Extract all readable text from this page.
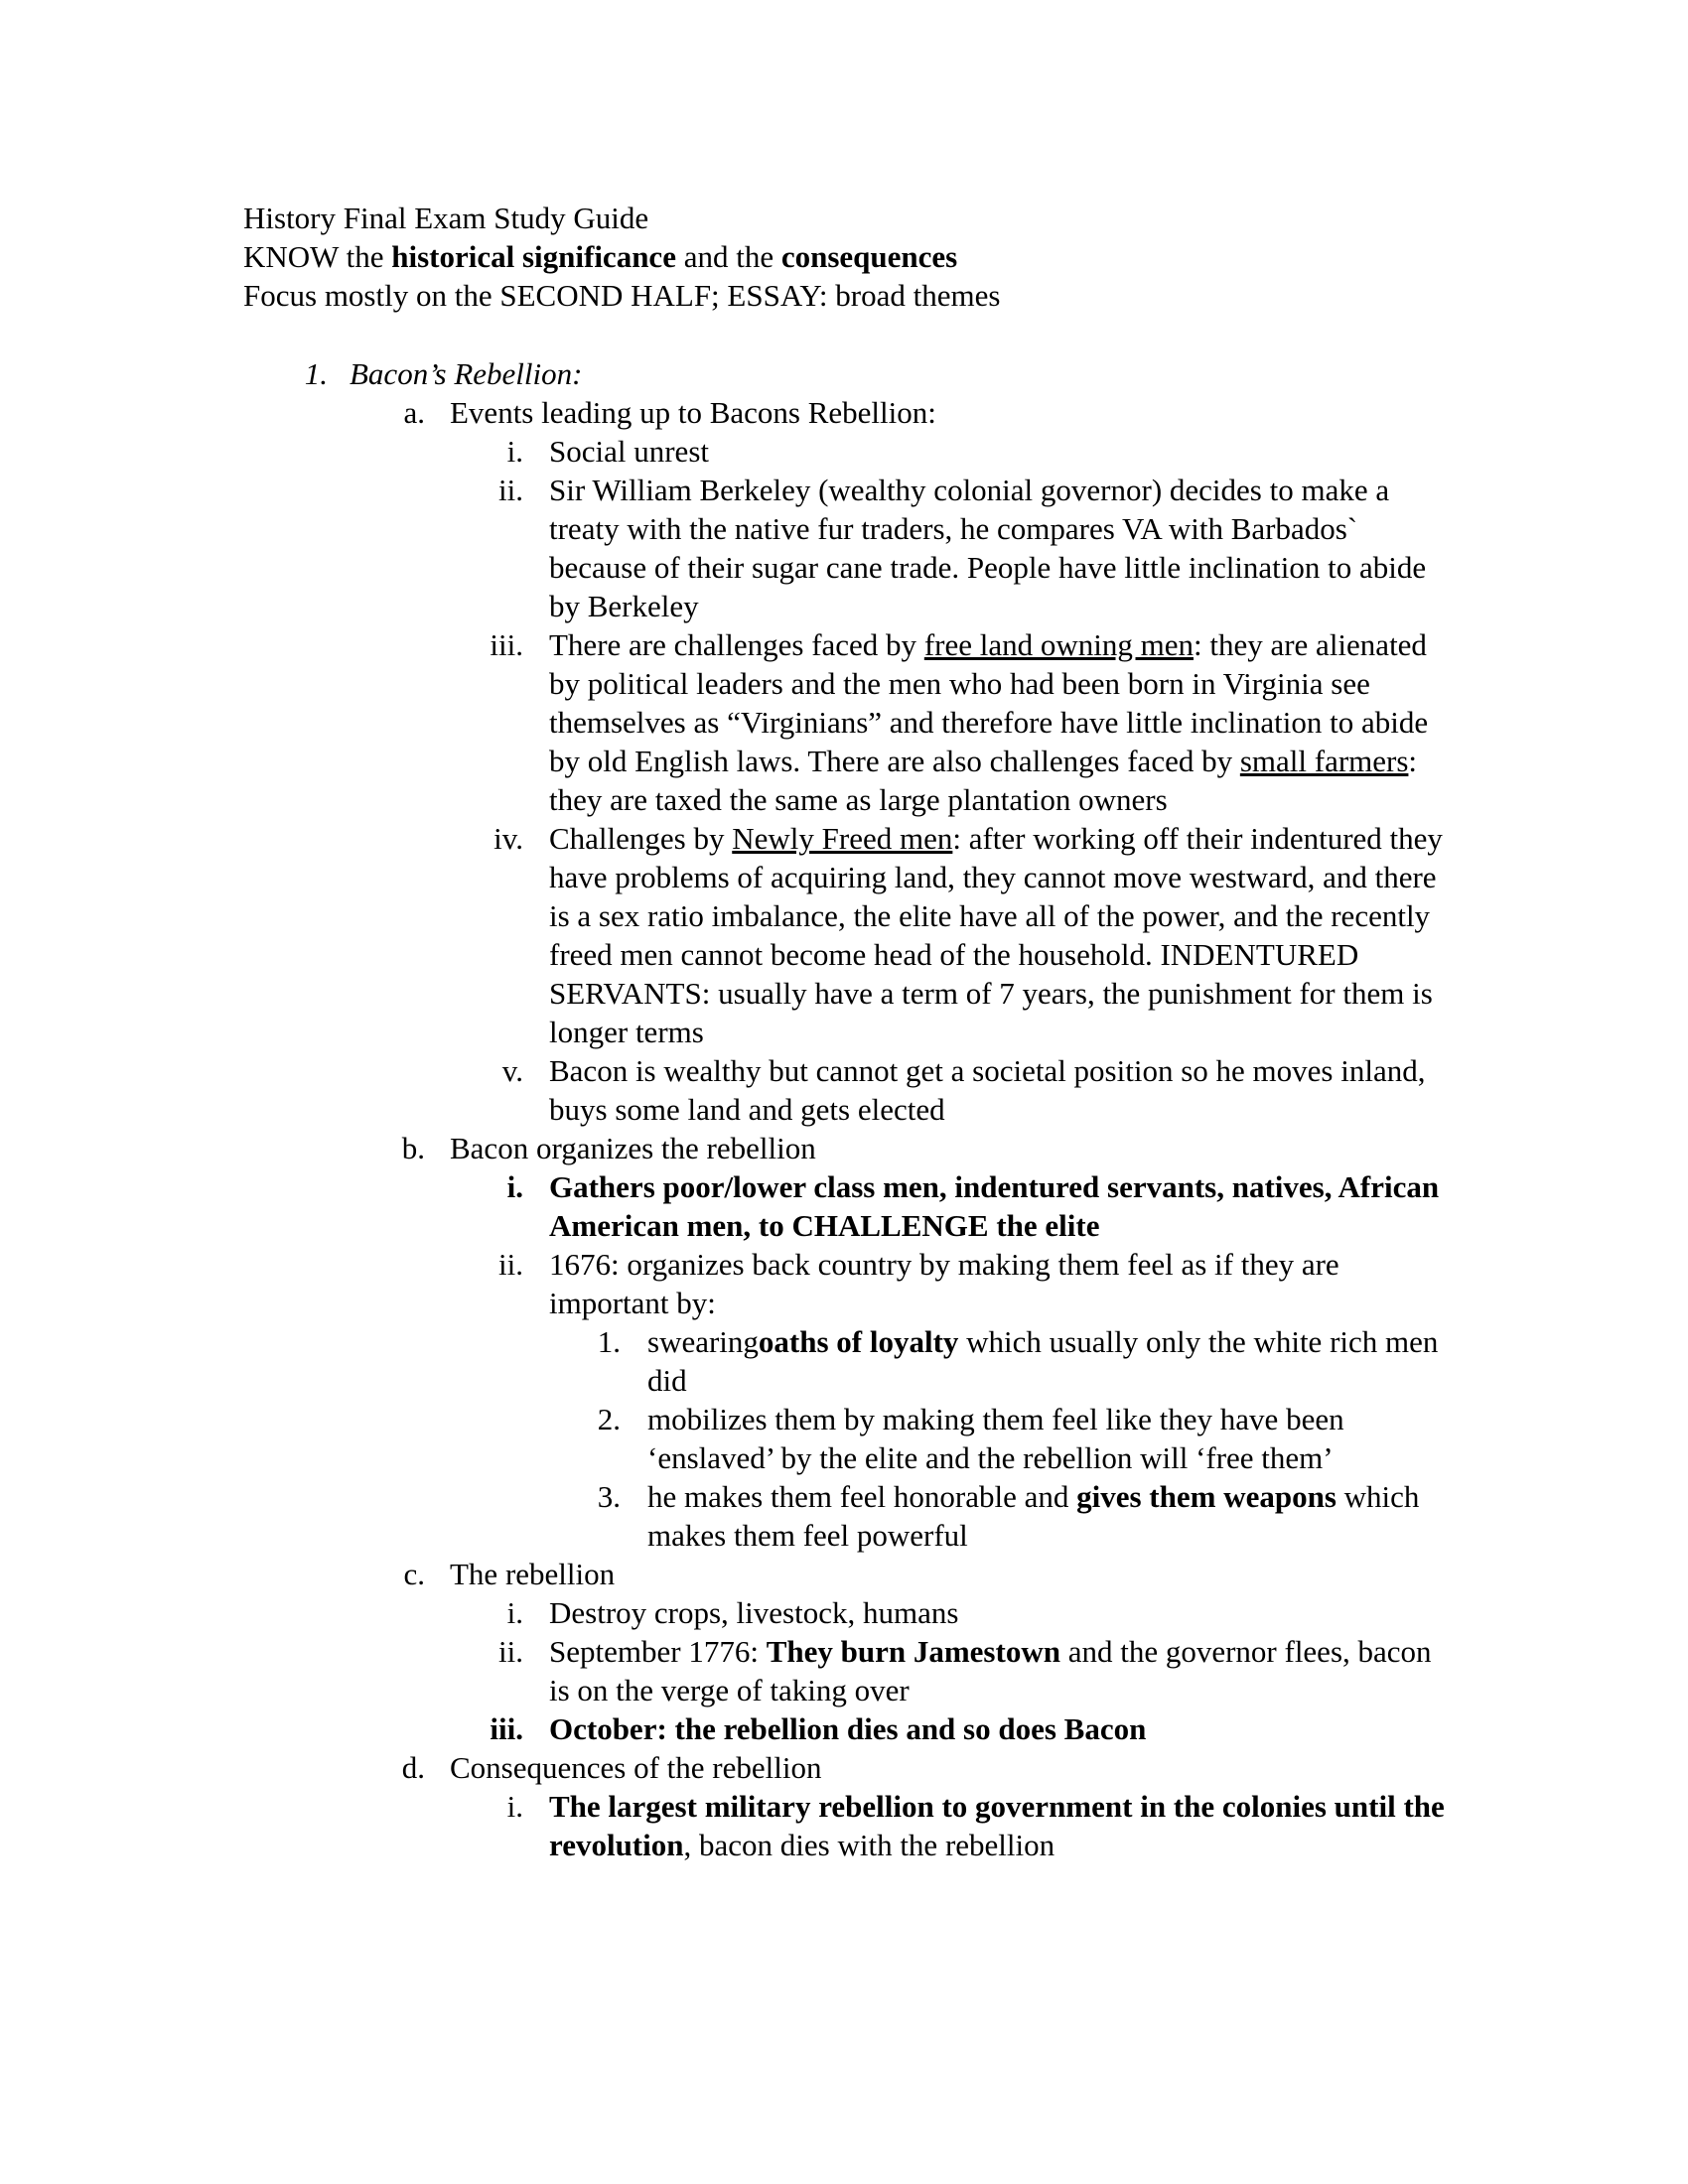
History Final Exam Study Guide
KNOW the historical significance and the consequences
Focus mostly on the SECOND HALF; ESSAY: broad themes
1. Bacon’s Rebellion:
a. Events leading up to Bacons Rebellion:
i. Social unrest
ii. Sir William Berkeley (wealthy colonial governor) decides to make a treaty with the native fur traders, he compares VA with Barbados` because of their sugar cane trade. People have little inclination to abide by Berkeley
iii. There are challenges faced by free land owning men: they are alienated by political leaders and the men who had been born in Virginia see themselves as “Virginians” and therefore have little inclination to abide by old English laws. There are also challenges faced by small farmers: they are taxed the same as large plantation owners
iv. Challenges by Newly Freed men: after working off their indentured they have problems of acquiring land, they cannot move westward, and there is a sex ratio imbalance, the elite have all of the power, and the recently freed men cannot become head of the household. INDENTURED SERVANTS: usually have a term of 7 years, the punishment for them is longer terms
v. Bacon is wealthy but cannot get a societal position so he moves inland, buys some land and gets elected
b. Bacon organizes the rebellion
i. Gathers poor/lower class men, indentured servants, natives, African American men, to CHALLENGE the elite
ii. 1676: organizes back country by making them feel as if they are important by:
1. swearingoaths of loyalty which usually only the white rich men did
2. mobilizes them by making them feel like they have been ‘enslaved’ by the elite and the rebellion will ‘free them’
3. he makes them feel honorable and gives them weapons which makes them feel powerful
c. The rebellion
i. Destroy crops, livestock, humans
ii. September 1776: They burn Jamestown and the governor flees, bacon is on the verge of taking over
iii. October: the rebellion dies and so does Bacon
d. Consequences of the rebellion
i. The largest military rebellion to government in the colonies until the revolution, bacon dies with the rebellion
